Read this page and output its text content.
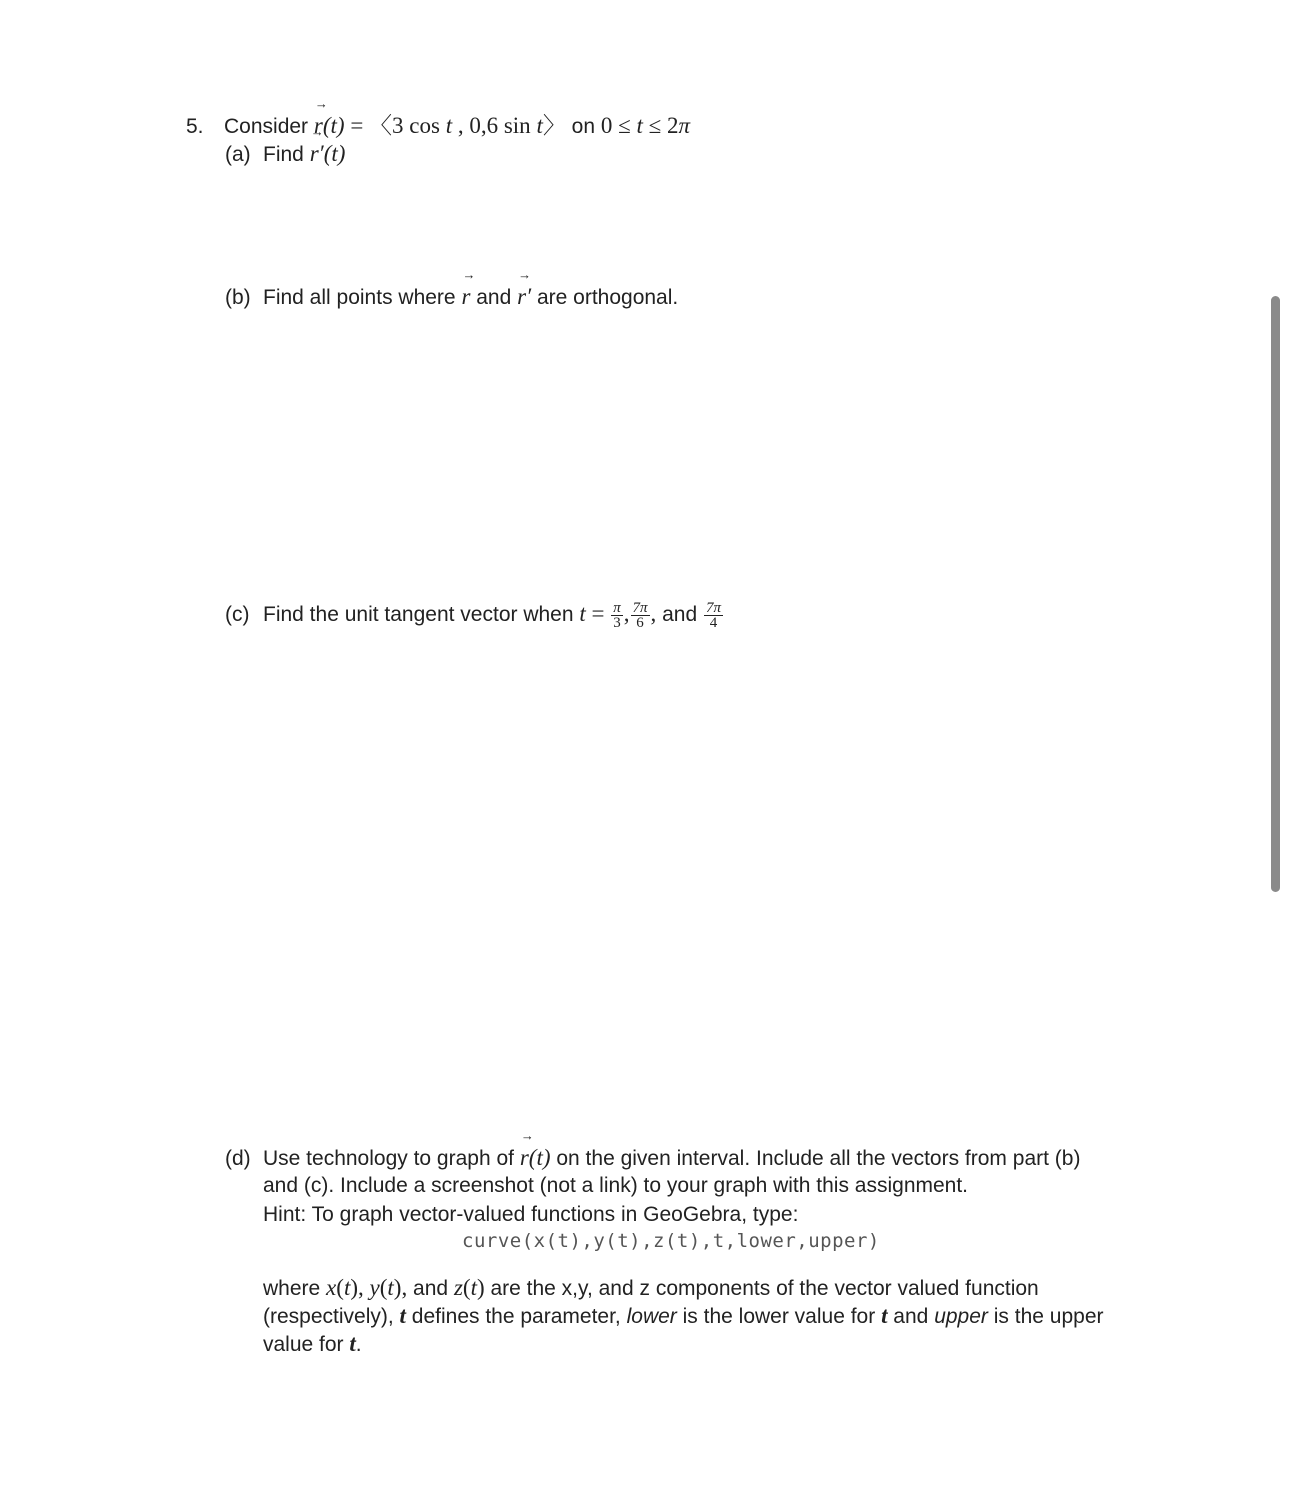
5. Consider → r(t) = 〈3 cos t , 0,6 sin t〉 on 0 ≤ t ≤ 2π
(a) Find → r′(t)
(b) Find all points where → r and → r′ are orthogonal.
(c) Find the unit tangent vector when $t = \frac{\pi}{3}$ , $\frac{7\pi}{6}$ , and $\frac{7\pi}{4}$
(d) Use technology to graph of → r(t) on the given interval. Include all the vectors from part (b)
and (c). Include a screenshot (not a link) to your graph with this assignment.
Hint: To graph vector-valued functions in GeoGebra, type:
curve(x(t),y(t),z(t),t,lower,upper)
where x(t), y(t), and z(t) are the x,y, and z components of the vector valued function
(respectively), t defines the parameter, lower is the lower value for t and upper is the upper
value for t.
